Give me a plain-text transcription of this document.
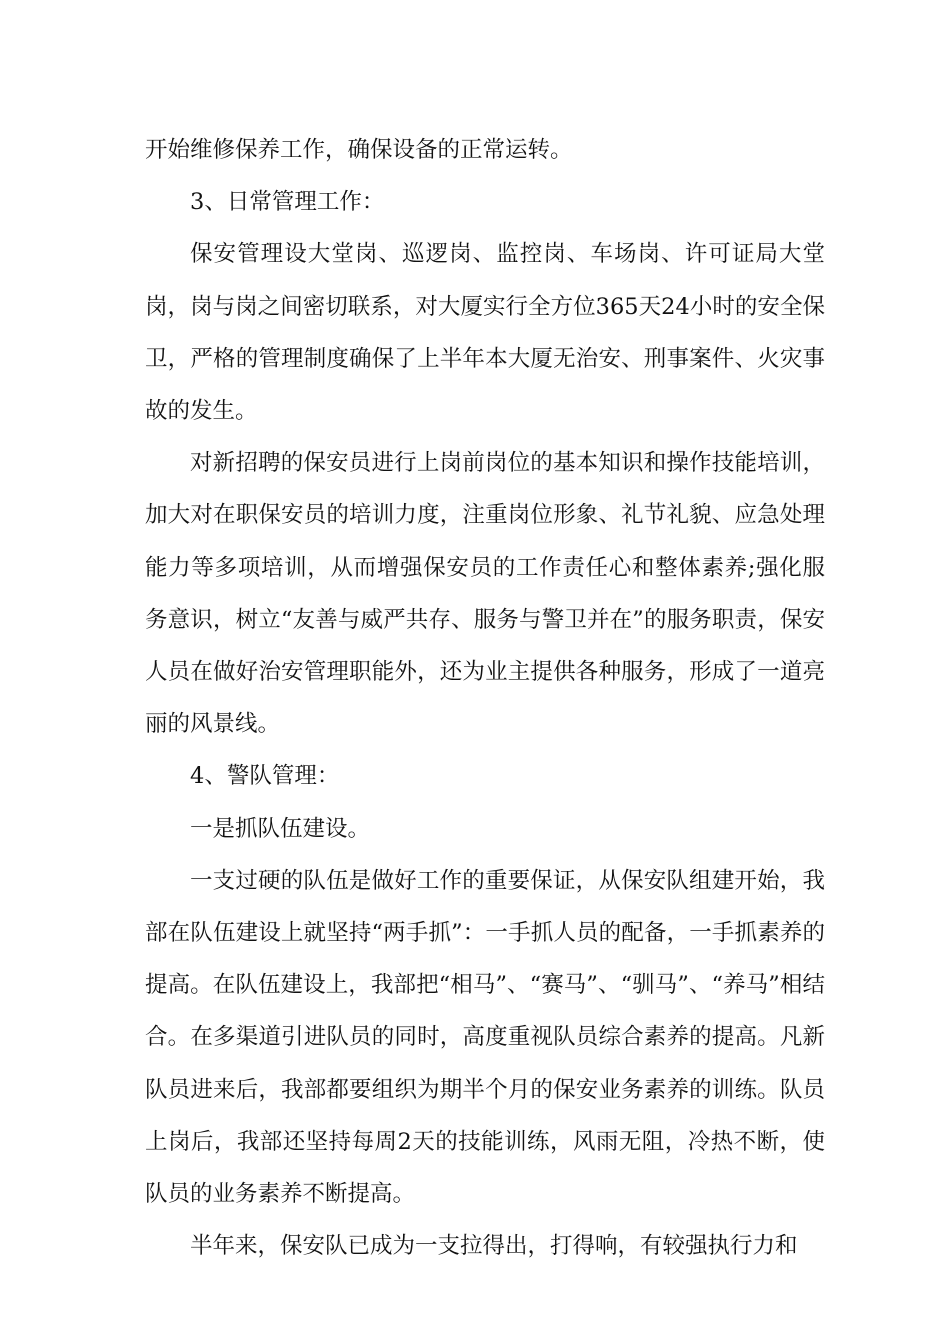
开始维修保养工作，确保设备的正常运转。

3、日常管理工作：

保安管理设大堂岗、巡逻岗、监控岗、车场岗、许可证局大堂岗，岗与岗之间密切联系，对大厦实行全方位365天24小时的安全保卫，严格的管理制度确保了上半年本大厦无治安、刑事案件、火灾事故的发生。

对新招聘的保安员进行上岗前岗位的基本知识和操作技能培训，加大对在职保安员的培训力度，注重岗位形象、礼节礼貌、应急处理能力等多项培训，从而增强保安员的工作责任心和整体素养;强化服务意识，树立“友善与威严共存、服务与警卫并在”的服务职责，保安人员在做好治安管理职能外，还为业主提供各种服务，形成了一道亮丽的风景线。

4、警队管理：

一是抓队伍建设。

一支过硬的队伍是做好工作的重要保证，从保安队组建开始，我部在队伍建设上就坚持“两手抓”：一手抓人员的配备，一手抓素养的提高。在队伍建设上，我部把“相马”、“赛马”、“驯马”、“养马”相结合。在多渠道引进队员的同时，高度重视队员综合素养的提高。凡新队员进来后，我部都要组织为期半个月的保安业务素养的训练。队员上岗后，我部还坚持每周2天的技能训练，风雨无阻，冷热不断，使队员的业务素养不断提高。

半年来，保安队已成为一支拉得出，打得响，有较强执行力和
